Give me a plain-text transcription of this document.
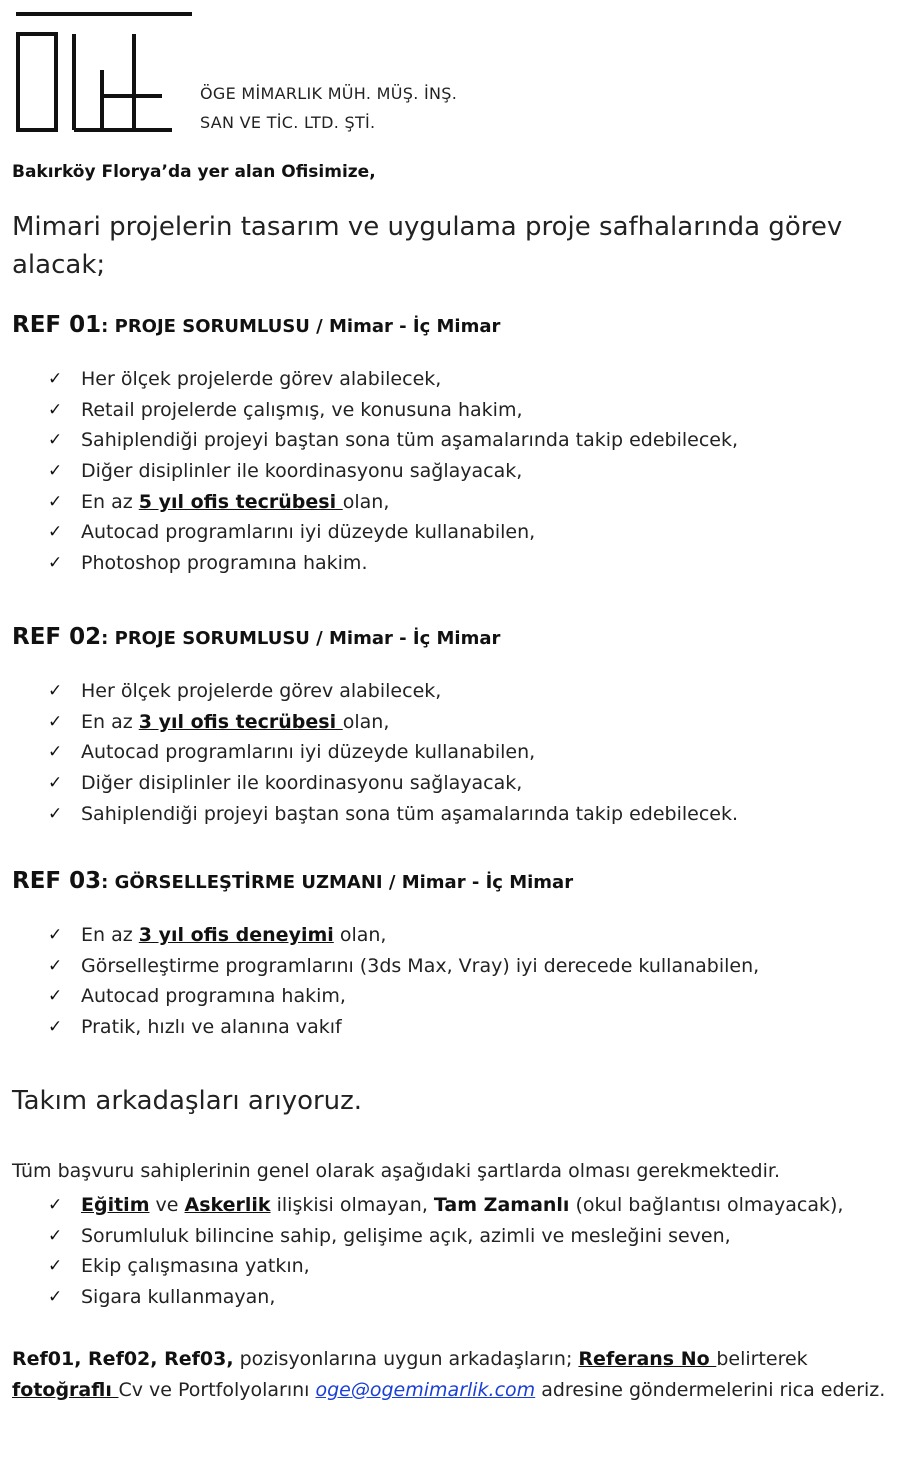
ÖGE MİMARLIK MÜH. MÜŞ. İNŞ.
SAN VE TİC. LTD. ŞTİ.
Bakırköy Florya’da yer alan Ofisimize,
Mimari projelerin tasarım ve uygulama proje safhalarında görev alacak;
REF 01: PROJE SORUMLUSU / Mimar - İç Mimar
✓ Her ölçek projelerde görev alabilecek,
✓ Retail projelerde çalışmış, ve konusuna hakim,
✓ Sahiplendiği projeyi baştan sona tüm aşamalarında takip edebilecek,
✓ Diğer disiplinler ile koordinasyonu sağlayacak,
✓ En az 5 yıl ofis tecrübesi olan,
✓ Autocad programlarını iyi düzeyde kullanabilen,
✓ Photoshop programına hakim.
REF 02: PROJE SORUMLUSU / Mimar - İç Mimar
✓ Her ölçek projelerde görev alabilecek,
✓ En az 3 yıl ofis tecrübesi olan,
✓ Autocad programlarını iyi düzeyde kullanabilen,
✓ Diğer disiplinler ile koordinasyonu sağlayacak,
✓ Sahiplendiği projeyi baştan sona tüm aşamalarında takip edebilecek.
REF 03: GÖRSELLEŞTİRME UZMANI / Mimar - İç Mimar
✓ En az 3 yıl ofis deneyimi olan,
✓ Görselleştirme programlarını (3ds Max, Vray) iyi derecede kullanabilen,
✓ Autocad programına hakim,
✓ Pratik, hızlı ve alanına vakıf
Takım arkadaşları arıyoruz.
Tüm başvuru sahiplerinin genel olarak aşağıdaki şartlarda olması gerekmektedir.
✓ Eğitim ve Askerlik ilişkisi olmayan, Tam Zamanlı (okul bağlantısı olmayacak),
✓ Sorumluluk bilincine sahip, gelişime açık, azimli ve mesleğini seven,
✓ Ekip çalışmasına yatkın,
✓ Sigara kullanmayan,
Ref01, Ref02, Ref03, pozisyonlarına uygun arkadaşların; Referans No belirterek
fotoğraflı Cv ve Portfolyolarını oge@ogemimarlik.com adresine göndermelerini rica ederiz.
